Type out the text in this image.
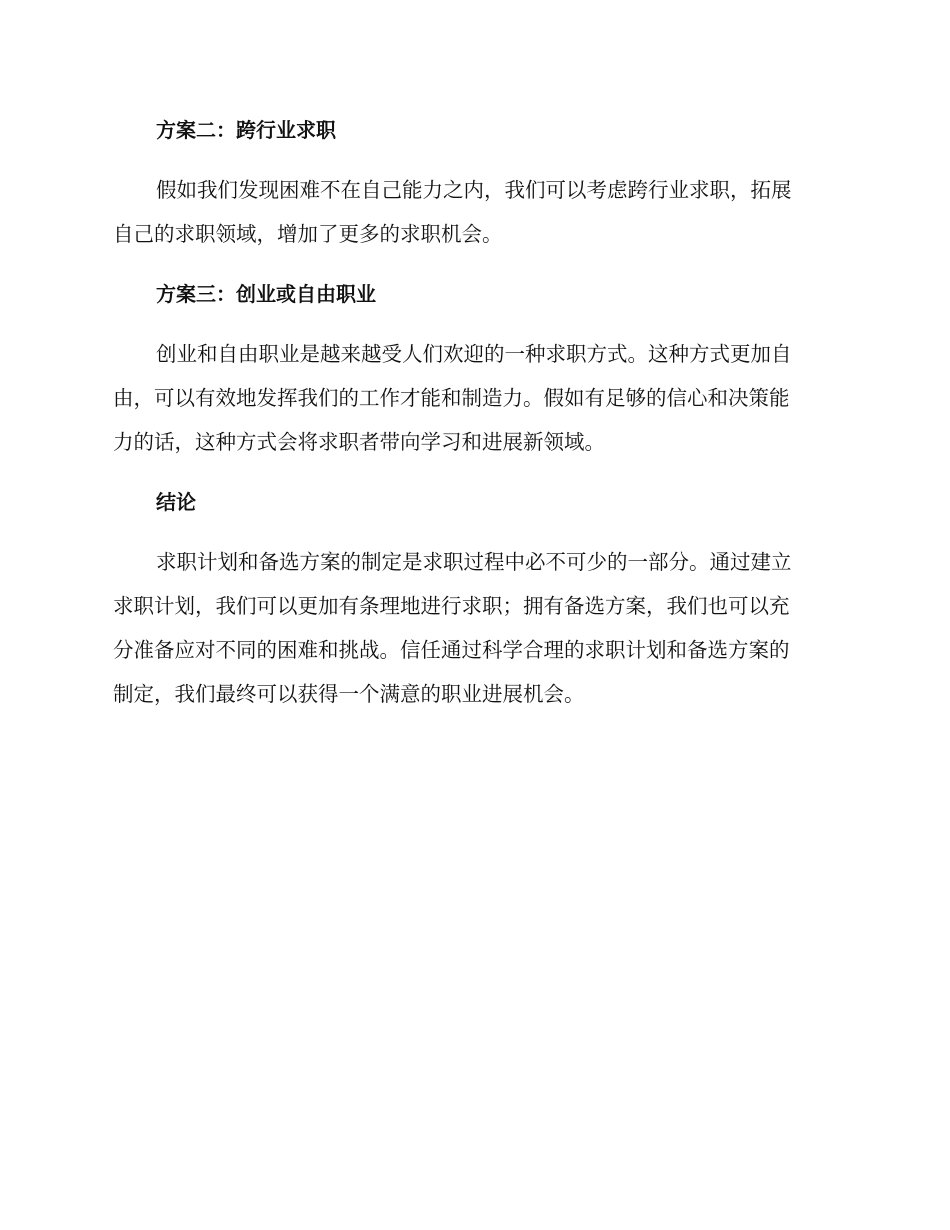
方案二：跨行业求职
假如我们发现困难不在自己能力之内，我们可以考虑跨行业求职，拓展
自己的求职领域，增加了更多的求职机会。
方案三：创业或自由职业
创业和自由职业是越来越受人们欢迎的一种求职方式。这种方式更加自
由，可以有效地发挥我们的工作才能和制造力。假如有足够的信心和决策能
力的话，这种方式会将求职者带向学习和进展新领域。
结论
求职计划和备选方案的制定是求职过程中必不可少的一部分。通过建立
求职计划，我们可以更加有条理地进行求职；拥有备选方案，我们也可以充
分准备应对不同的困难和挑战。信任通过科学合理的求职计划和备选方案的
制定，我们最终可以获得一个满意的职业进展机会。
